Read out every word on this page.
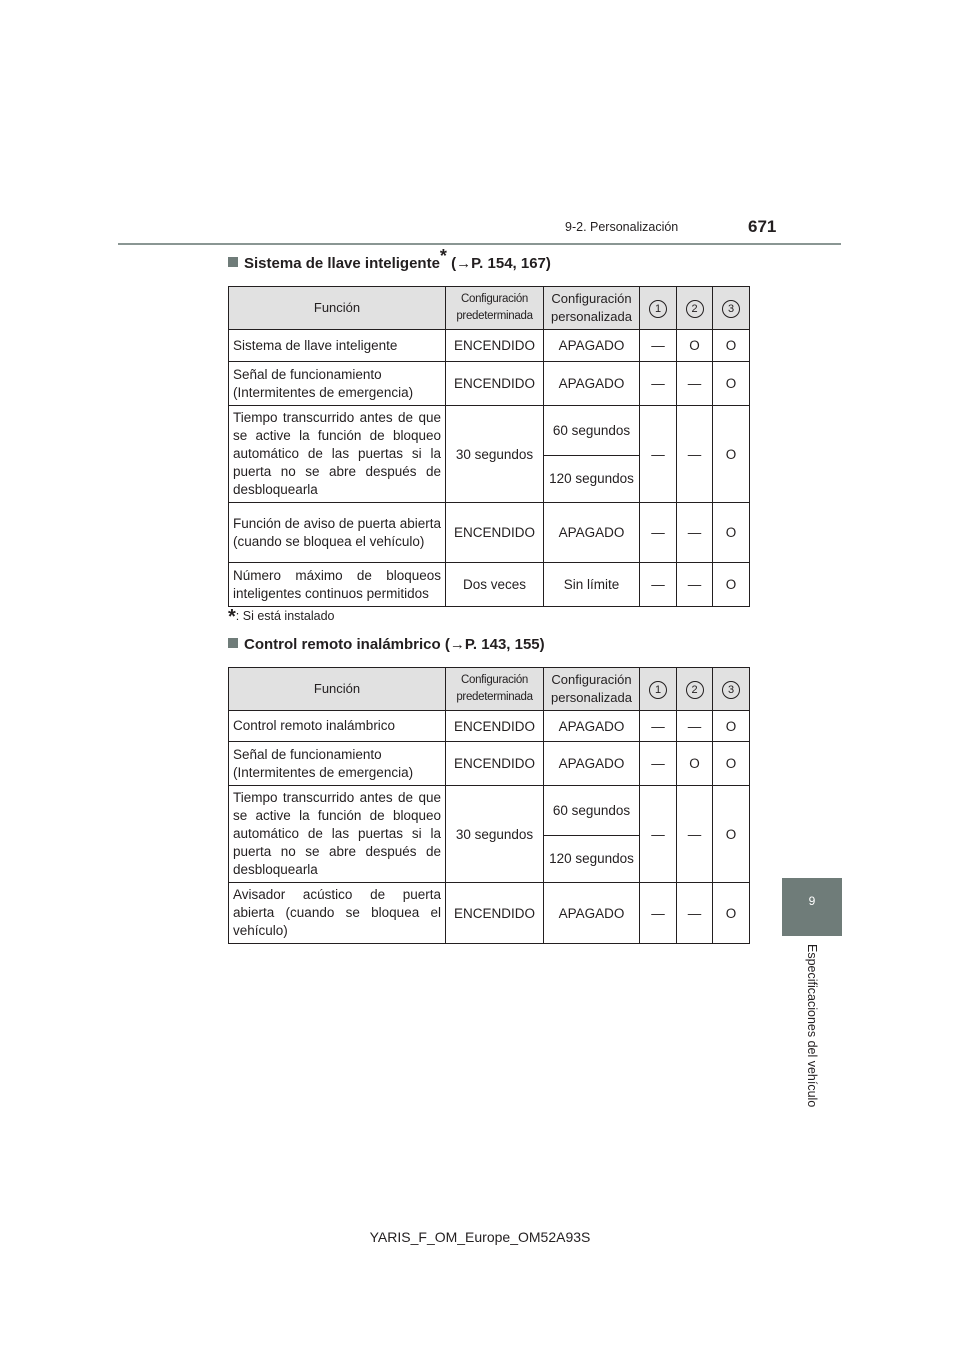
9-2. Personalización	671
9
Especificaciones del vehículo
Sistema de llave inteligente* (→P. 154, 167)
Función	Configuración predeterminada	Configuración personalizada	1	2	3
Sistema de llave inteligente	ENCENDIDO	APAGADO	—	O	O
Señal de funcionamiento (Intermitentes de emergencia)	ENCENDIDO	APAGADO	—	—	O
Tiempo transcurrido antes de que se active la función de bloqueo automático de las puertas si la puerta no se abre después de desbloquearla	30 segundos	60 segundos	—	—	O
		120 segundos			
Función de aviso de puerta abierta (cuando se bloquea el vehículo)	ENCENDIDO	APAGADO	—	—	O
Número máximo de bloqueos inteligentes continuos permitidos	Dos veces	Sin límite	—	—	O
*: Si está instalado
Control remoto inalámbrico (→P. 143, 155)
Función	Configuración predeterminada	Configuración personalizada	1	2	3
Control remoto inalámbrico	ENCENDIDO	APAGADO	—	—	O
Señal de funcionamiento (Intermitentes de emergencia)	ENCENDIDO	APAGADO	—	O	O
Tiempo transcurrido antes de que se active la función de bloqueo automático de las puertas si la puerta no se abre después de desbloquearla	30 segundos	60 segundos	—	—	O
		120 segundos			
Avisador acústico de puerta abierta (cuando se bloquea el vehículo)	ENCENDIDO	APAGADO	—	—	O
YARIS_F_OM_Europe_OM52A93S
